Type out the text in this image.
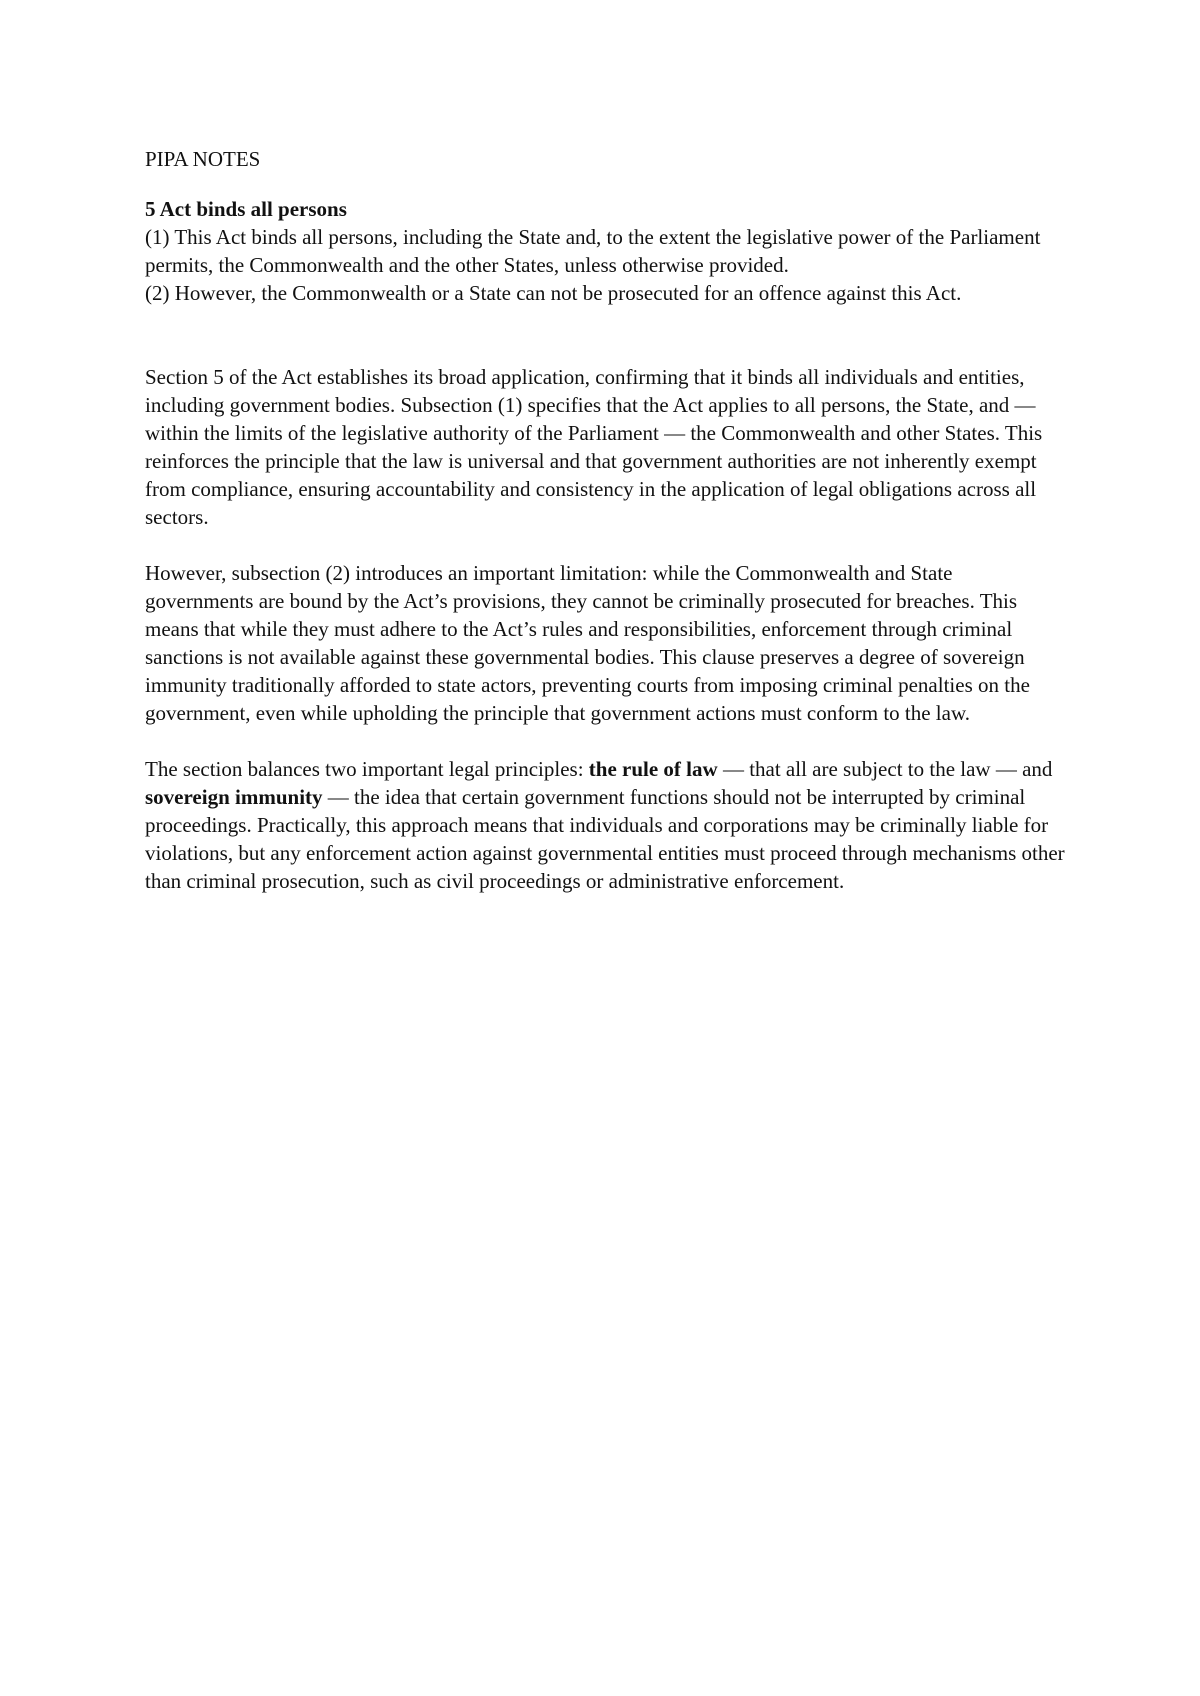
PIPA NOTES

5 Act binds all persons

(1) This Act binds all persons, including the State and, to the extent the legislative power of the Parliament permits, the Commonwealth and the other States, unless otherwise provided.

(2) However, the Commonwealth or a State can not be prosecuted for an offence against this Act.

Section 5 of the Act establishes its broad application, confirming that it binds all individuals and entities, including government bodies. Subsection (1) specifies that the Act applies to all persons, the State, and — within the limits of the legislative authority of the Parliament — the Commonwealth and other States. This reinforces the principle that the law is universal and that government authorities are not inherently exempt from compliance, ensuring accountability and consistency in the application of legal obligations across all sectors.

However, subsection (2) introduces an important limitation: while the Commonwealth and State governments are bound by the Act’s provisions, they cannot be criminally prosecuted for breaches. This means that while they must adhere to the Act’s rules and responsibilities, enforcement through criminal sanctions is not available against these governmental bodies. This clause preserves a degree of sovereign immunity traditionally afforded to state actors, preventing courts from imposing criminal penalties on the government, even while upholding the principle that government actions must conform to the law.

The section balances two important legal principles: the rule of law — that all are subject to the law — and sovereign immunity — the idea that certain government functions should not be interrupted by criminal proceedings. Practically, this approach means that individuals and corporations may be criminally liable for violations, but any enforcement action against governmental entities must proceed through mechanisms other than criminal prosecution, such as civil proceedings or administrative enforcement.
